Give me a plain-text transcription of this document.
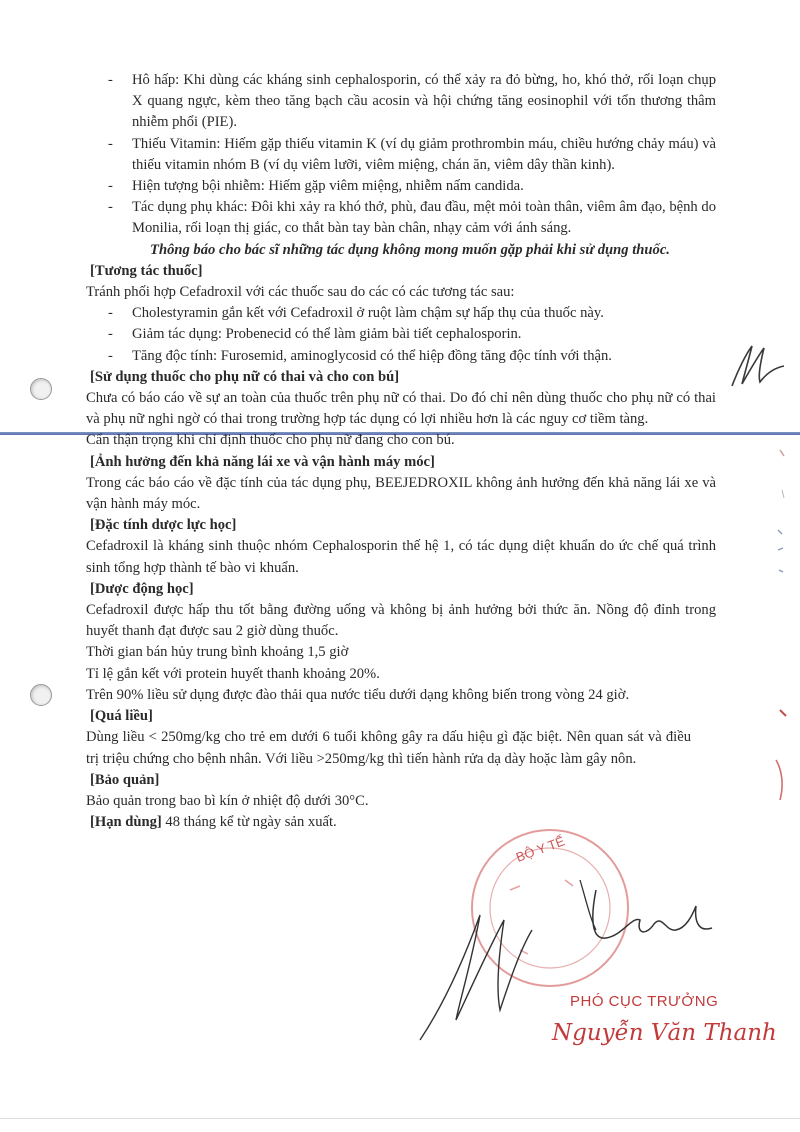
- Hô hấp: Khi dùng các kháng sinh cephalosporin, có thể xảy ra đỏ bừng, ho, khó thở, rối loạn chụp X quang ngực, kèm theo tăng bạch cầu acosin và hội chứng tăng eosinophil với tổn thương thâm nhiễm phổi (PIE).
- Thiếu Vitamin: Hiếm gặp thiếu vitamin K (ví dụ giảm prothrombin máu, chiều hướng chảy máu) và thiếu vitamin nhóm B (ví dụ viêm lưỡi, viêm miệng, chán ăn, viêm dây thần kinh).
- Hiện tượng bội nhiễm: Hiếm gặp viêm miệng, nhiễm nấm candida.
- Tác dụng phụ khác: Đôi khi xảy ra khó thở, phù, đau đầu, mệt mỏi toàn thân, viêm âm đạo, bệnh do Monilia, rối loạn thị giác, co thắt bàn tay bàn chân, nhạy cảm với ánh sáng.
Thông báo cho bác sĩ những tác dụng không mong muốn gặp phải khi sử dụng thuốc.
[Tương tác thuốc]
Tránh phối hợp Cefadroxil với các thuốc sau do các có các tương tác sau:
- Cholestyramin gắn kết với Cefadroxil ở ruột làm chậm sự hấp thụ của thuốc này.
- Giảm tác dụng: Probenecid có thể làm giảm bài tiết cephalosporin.
- Tăng độc tính: Furosemid, aminoglycosid có thể hiệp đồng tăng độc tính với thận.
[Sử dụng thuốc cho phụ nữ có thai và cho con bú]
Chưa có báo cáo về sự an toàn của thuốc trên phụ nữ có thai. Do đó chỉ nên dùng thuốc cho phụ nữ có thai và phụ nữ nghi ngờ có thai trong trường hợp tác dụng có lợi nhiều hơn là các nguy cơ tiềm tàng.
Cẩn thận trọng khi chỉ định thuốc cho phụ nữ đang cho con bú.
[Ảnh hưởng đến khả năng lái xe và vận hành máy móc]
Trong các báo cáo về đặc tính của tác dụng phụ, BEEJEDROXIL không ảnh hưởng đến khả năng lái xe và vận hành máy móc.
[Đặc tính dược lực học]
Cefadroxil là kháng sinh thuộc nhóm Cephalosporin thế hệ 1, có tác dụng diệt khuẩn do ức chế quá trình sinh tổng hợp thành tế bào vi khuẩn.
[Dược động học]
Cefadroxil được hấp thu tốt bằng đường uống và không bị ảnh hưởng bởi thức ăn. Nồng độ đỉnh trong huyết thanh đạt được sau 2 giờ dùng thuốc.
Thời gian bán hủy trung bình khoảng 1,5 giờ
Tỉ lệ gắn kết với protein huyết thanh khoảng 20%.
Trên 90% liều sử dụng được đào thải qua nước tiểu dưới dạng không biến trong vòng 24 giờ.
[Quá liều]
Dùng liều < 250mg/kg cho trẻ em dưới 6 tuổi không gây ra dấu hiệu gì đặc biệt. Nên quan sát và điều trị triệu chứng cho bệnh nhân. Với liều >250mg/kg thì tiến hành rửa dạ dày hoặc làm gây nôn.
[Bảo quản]
Bảo quản trong bao bì kín ở nhiệt độ dưới 30°C.
[Hạn dùng] 48 tháng kể từ ngày sản xuất.
BỘ Y TẾ
PHÓ CỤC TRƯỞNG
Nguyễn Văn Thanh
